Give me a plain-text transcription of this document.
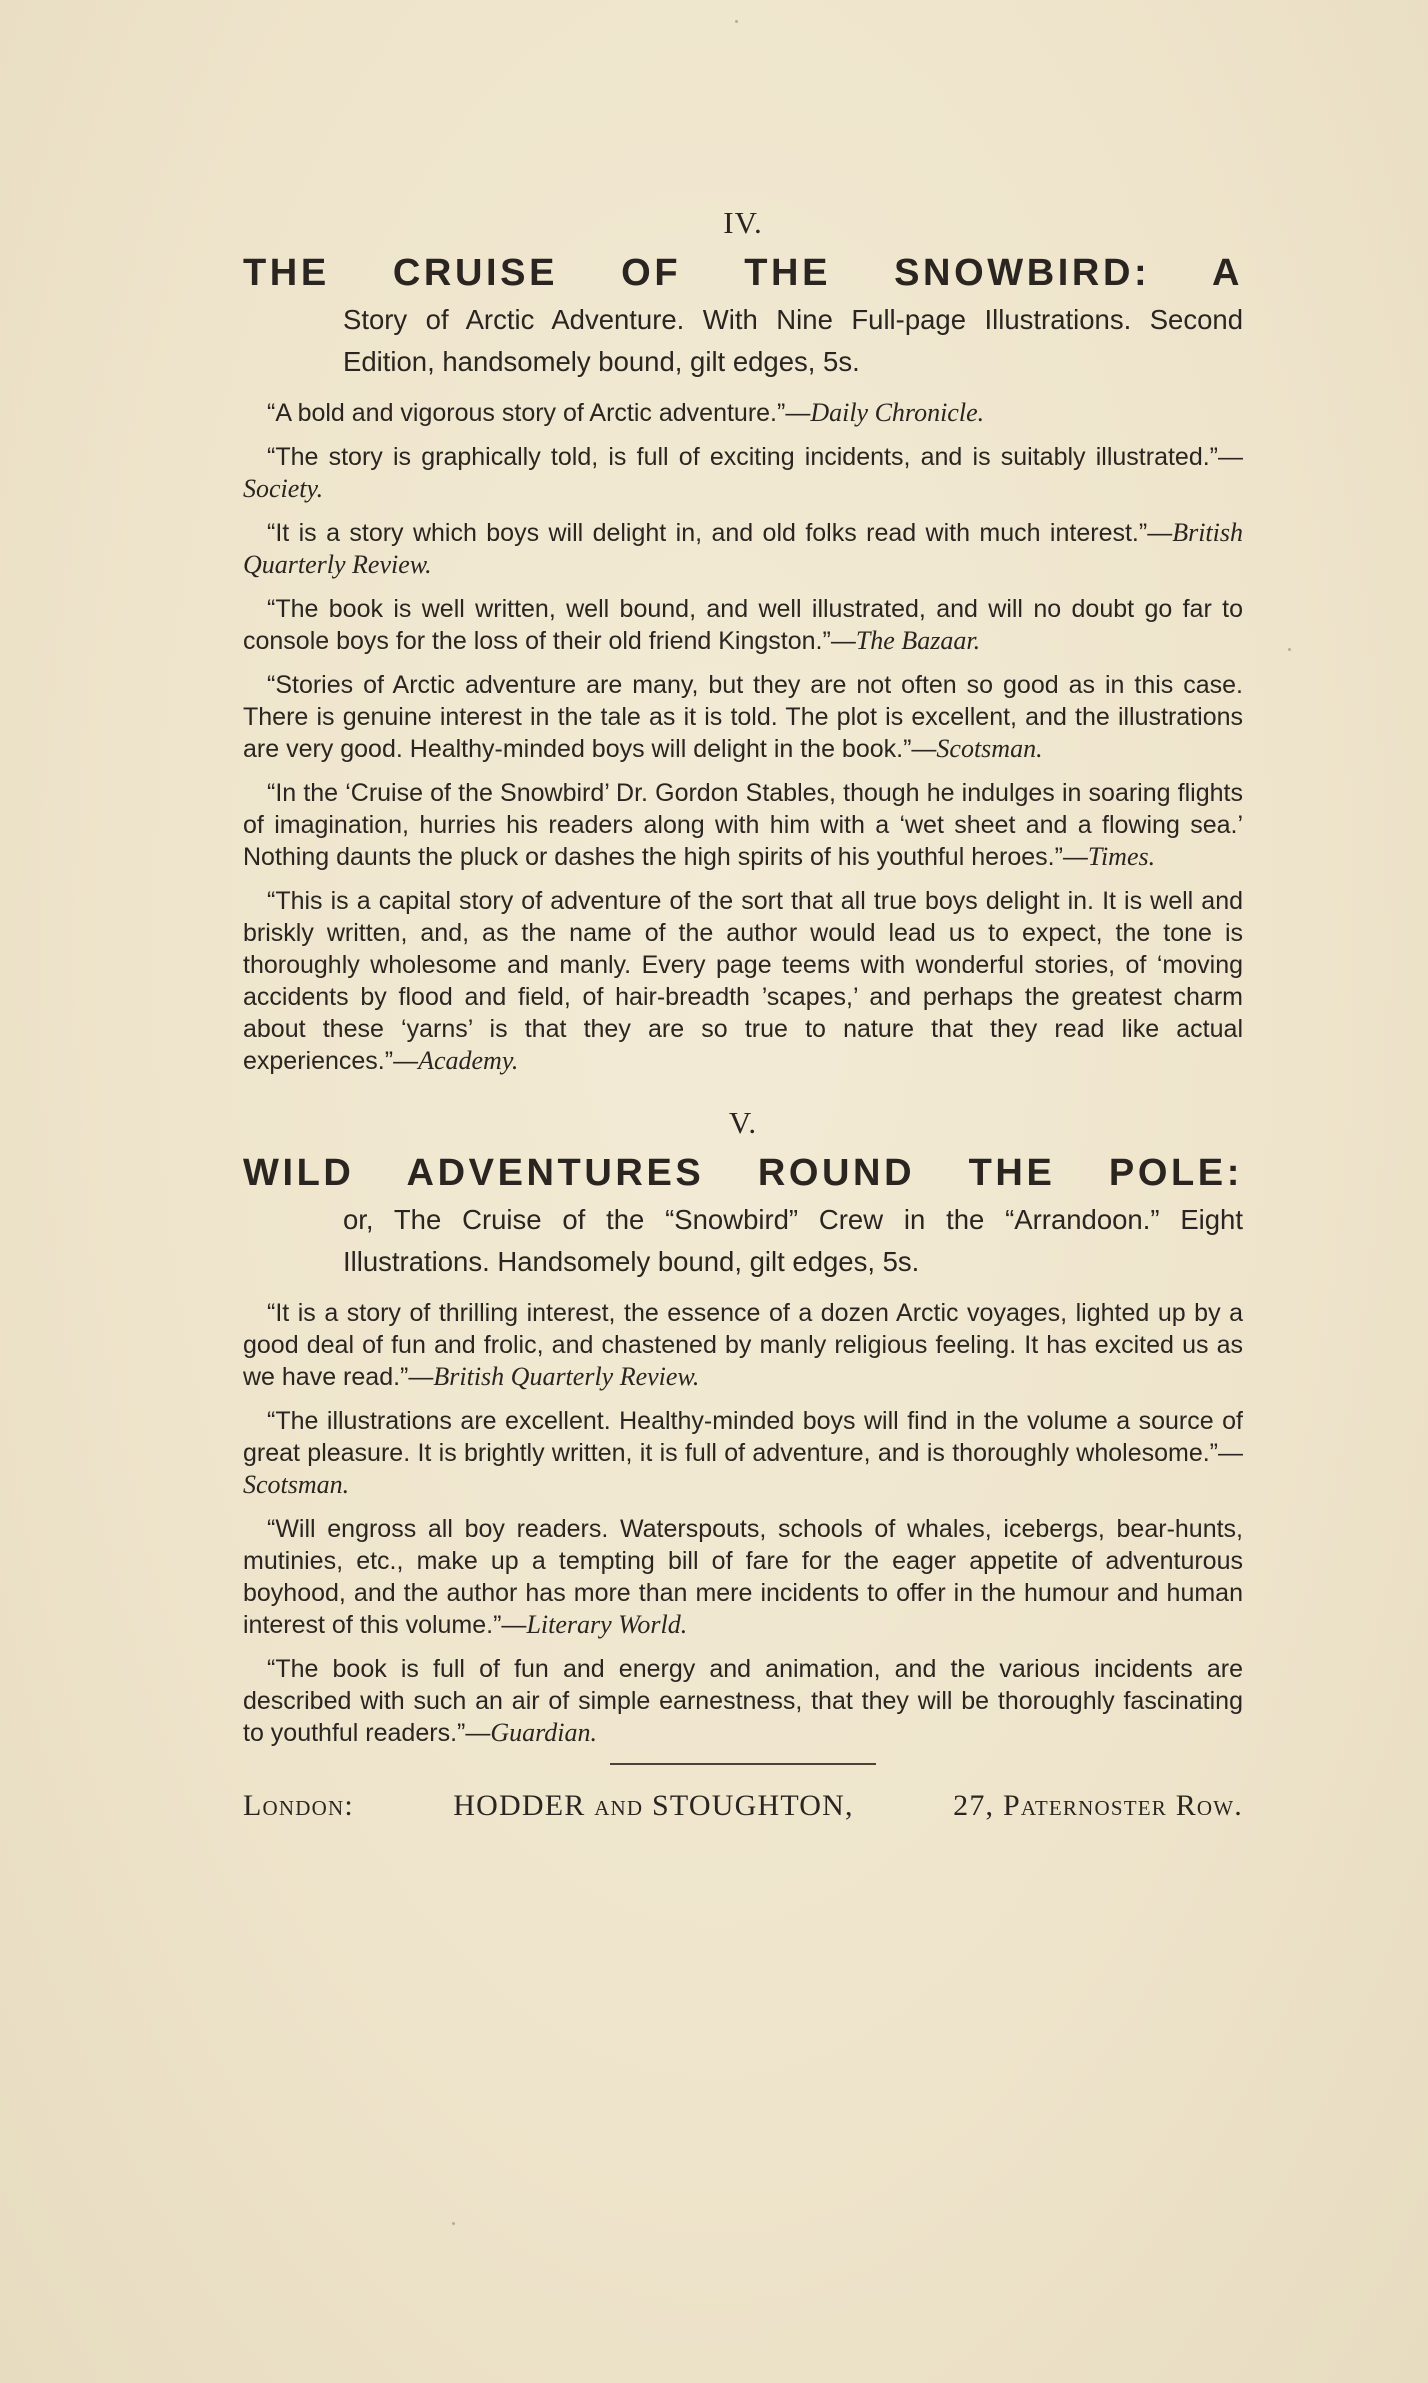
IV.
THE CRUISE OF THE SNOWBIRD: A

Story of Arctic Adventure. With Nine Full-page Illustrations. Second Edition, handsomely bound, gilt edges, 5s.

“A bold and vigorous story of Arctic adventure.”—Daily Chronicle.

“The story is graphically told, is full of exciting incidents, and is suitably illustrated.”—Society.

“It is a story which boys will delight in, and old folks read with much interest.”—British Quarterly Review.

“The book is well written, well bound, and well illustrated, and will no doubt go far to console boys for the loss of their old friend Kingston.”—The Bazaar.

“Stories of Arctic adventure are many, but they are not often so good as in this case. There is genuine interest in the tale as it is told. The plot is excellent, and the illustrations are very good. Healthy-minded boys will delight in the book.”—Scotsman.

“In the ‘Cruise of the Snowbird’ Dr. Gordon Stables, though he indulges in soaring flights of imagination, hurries his readers along with him with a ‘wet sheet and a flowing sea.’ Nothing daunts the pluck or dashes the high spirits of his youthful heroes.”—Times.

“This is a capital story of adventure of the sort that all true boys delight in. It is well and briskly written, and, as the name of the author would lead us to expect, the tone is thoroughly wholesome and manly. Every page teems with wonderful stories, of ‘moving accidents by flood and field, of hair-breadth ’scapes,’ and perhaps the greatest charm about these ‘yarns’ is that they are so true to nature that they read like actual experiences.”—Academy.

V.
WILD ADVENTURES ROUND THE POLE:

or, The Cruise of the “Snowbird” Crew in the “Arrandoon.” Eight Illustrations. Handsomely bound, gilt edges, 5s.

“It is a story of thrilling interest, the essence of a dozen Arctic voyages, lighted up by a good deal of fun and frolic, and chastened by manly religious feeling. It has excited us as we have read.”—British Quarterly Review.

“The illustrations are excellent. Healthy-minded boys will find in the volume a source of great pleasure. It is brightly written, it is full of adventure, and is thoroughly wholesome.”—Scotsman.

“Will engross all boy readers. Waterspouts, schools of whales, icebergs, bear-hunts, mutinies, etc., make up a tempting bill of fare for the eager appetite of adventurous boyhood, and the author has more than mere incidents to offer in the humour and human interest of this volume.”—Literary World.

“The book is full of fun and energy and animation, and the various incidents are described with such an air of simple earnestness, that they will be thoroughly fascinating to youthful readers.”—Guardian.

London:	HODDER and STOUGHTON,	27, Paternoster Row.
